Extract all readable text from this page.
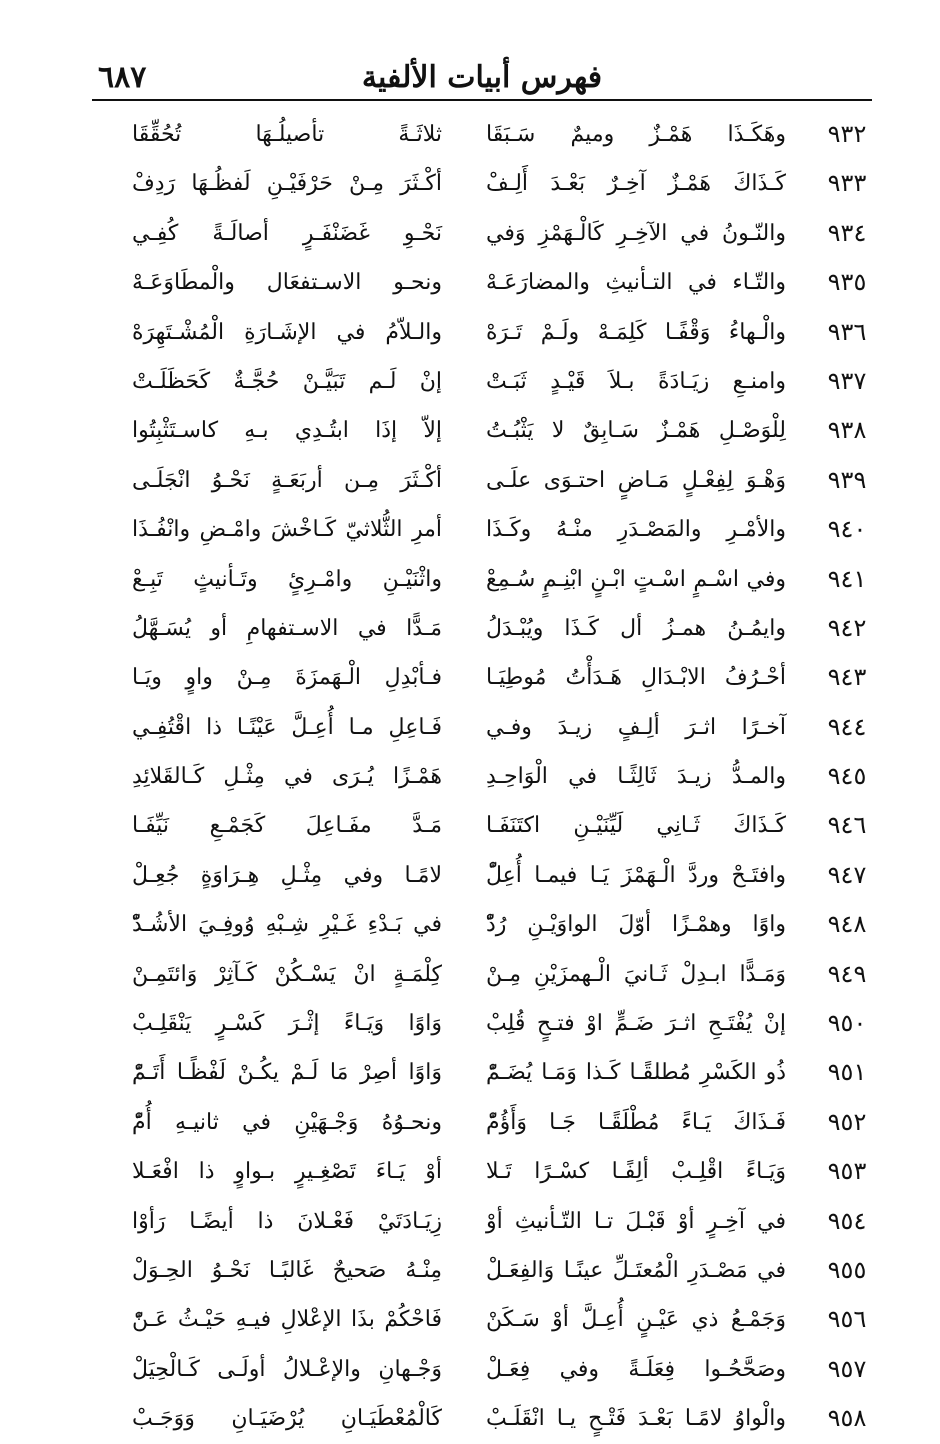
فهرس أبيات الألفية
٦٨٧
٩٣٢
وهَكَـذَا هَمْـزٌ وميمٌ سَـبَقَا
ثلاثَـةً تأصيلُـهَا تُحُقِّقَا
٩٣٣
كَـذَاكَ هَمْـزٌ آخِـرٌ بَعْـدَ أَلِـفْ
أكْـثَرَ مِـنْ حَرْفَيْـنِ لَفظُـهَا رَدِفْ
٩٣٤
والنّـونُ في الآخِـرِ كَالْـهَمْزِ وَفي
نَحْـوِ غَضَنْفَـرٍ أصالَـةً كُفِـي
٩٣٥
والتّـاء في التـأنيثِ والمضارَعَـهْ
ونحـو الاسـتفعَال والْمطَاوَعَـهْ
٩٣٦
والْـهاءُ وَقْفًـا كَلِمَـهْ ولَـمْ تَـرَهْ
والـلاّمُ في الإشَـارَةِ الْمُشْـتَهِرَهْ
٩٣٧
وامنـعِ زيَـادَةً بـلاَ قَيْـدٍ ثَبَـتْ
إنْ لَـم تَبَيَّـنْ حُجَّـةٌ كَحَظَلَـتْ
٩٣٨
لِلْوَصْـلِ هَمْـزٌ سَـابِقٌ لا يَثْبُـتُ
إلاّ إذَا ابتُـدِي بـهِ كاسـتَثْبِتُوا
٩٣٩
وَهْـوَ لِفِعْـلٍ مَـاضٍ احتـوَى علَـى
أكْـثَرَ مِـن أربَعَـةٍ نَحْـوُ انْجَلَـى
٩٤٠
والأمْـرِ والمَصْـدَرِ منْـهُ وكَـذَا
أمرِ الثُّلاثيّ كَـاخْشَ وامْـضِ وانْفُـذَا
٩٤١
وفي اسْـمٍ اسْـتٍ ابْـنٍ ابْنِـمٍ سُـمِعْ
واثْنَيْـنِ وامْـرِئٍ وتَـأنيثٍ تَبِـعْ
٩٤٢
وايمُـنُ همـزُ أل كَـذَا ويُبْـدَلُ
مَـدًّا في الاسـتفهامِ أو يُسَـهَّلُ
٩٤٣
أحْـرُفُ الابْـدَالِ هَـدَأْتُ مُوطِيَـا
فـأبْدِلِ الْـهَمزَةَ مِـنْ واوٍ ويَـا
٩٤٤
آخـرًا اثـرَ ألِـفٍ زيـدَ وفـي
فَـاعِلِ مـا أُعِـلَّ عَيْنًـا ذا اقْتُفِـي
٩٤٥
والمـدُّ زيـدَ ثَالِثًـا في الْوَاحِـدِ
هَمْـزًا يُـرَى في مِثْـلِ كَـالقَلائِدِ
٩٤٦
كَـذَاكَ ثَـانِي لَيِّنَيْـنِ اكتَنَفَـا
مَـدَّ مفَـاعِلَ كَجَمْـعِ نَيِّفَـا
٩٤٧
وافتَـحْ وردَّ الْـهَمْزَ يَـا فيمـا أُعِلّْ
لامًـا وفي مِثْـلِ هِـرَاوَةٍ جُعِـلْ
٩٤٨
واوًا وهمْـزًا أوّلَ الواوَيْـنِ رُدّْ
في بَـدْءِ غَـيْرِ شِـبْهِ وُوفِـيَ الأشُـدّْ
٩٤٩
وَمَـدًّا ابـدِلْ ثَـانيَ الْـهمزَيْنِ مِـنْ
كِلْمَـةٍ انْ يَسْـكُنْ كَـآثِرْ وَائتَمِـنْ
٩٥٠
إنْ يُفْتَـحِ اثـرَ ضَـمٍّ اوْ فتـحٍ قُلِبْ
وَاوًا وَيَـاءً إثْـرَ كَسْـرٍ يَنْقَلِـبْ
٩٥١
ذُو الكَسْرِ مُطلقًـا كَـذا وَمَـا يُضَـمّْ
وَاوًا أصِرْ مَا لَـمْ يكُـنْ لَفْظًـا أَتَـمّْ
٩٥٢
فَـذَاكَ يَـاءً مُطْلَقًـا جَـا وَأَؤُمّْ
ونحـوُهُ وَجْـهَيْنِ في ثانيـهِ أُمّْ
٩٥٣
وَيَـاءً اقْلِـبْ ألِفًـا كسْـرًا تَـلا
أوْ يَـاءَ تَصْغِـيرٍ بـواوٍ ذا افْعَـلا
٩٥٤
في آخِـرٍ أوْ قَبْـلَ تـا التّـأنيثِ أوْ
زِيَـادَتَيْ فَعْـلانَ ذا أيضًـا رَأوْا
٩٥٥
في مَصْـدَرِ الْمُعتَـلِّ عينًـا وَالفِعَـلْ
مِنْـهُ صَحيحٌ غَالبًـا نَحْـوُ الحِـوَلْ
٩٥٦
وَجَمْـعُ ذي عَيْـنٍ أُعِـلَّ أوْ سَـكَنْ
فَاحْكُمْ بذَا الإعْلالِ فيـهِ حَيْـثُ عَـنّْ
٩٥٧
وصَحَّحُـوا فِعَلَـةً وفي فِعَـلْ
وَجْـهانِ والإعْـلالُ أولَـى كَـالْحِيَلْ
٩٥٨
والْواوُ لامًـا بَعْـدَ فَتْـحٍ يـا انْقَلَـبْ
كَالْمُعْطَيَـانِ يُرْضَيَـانِ وَوَجَـبْ
